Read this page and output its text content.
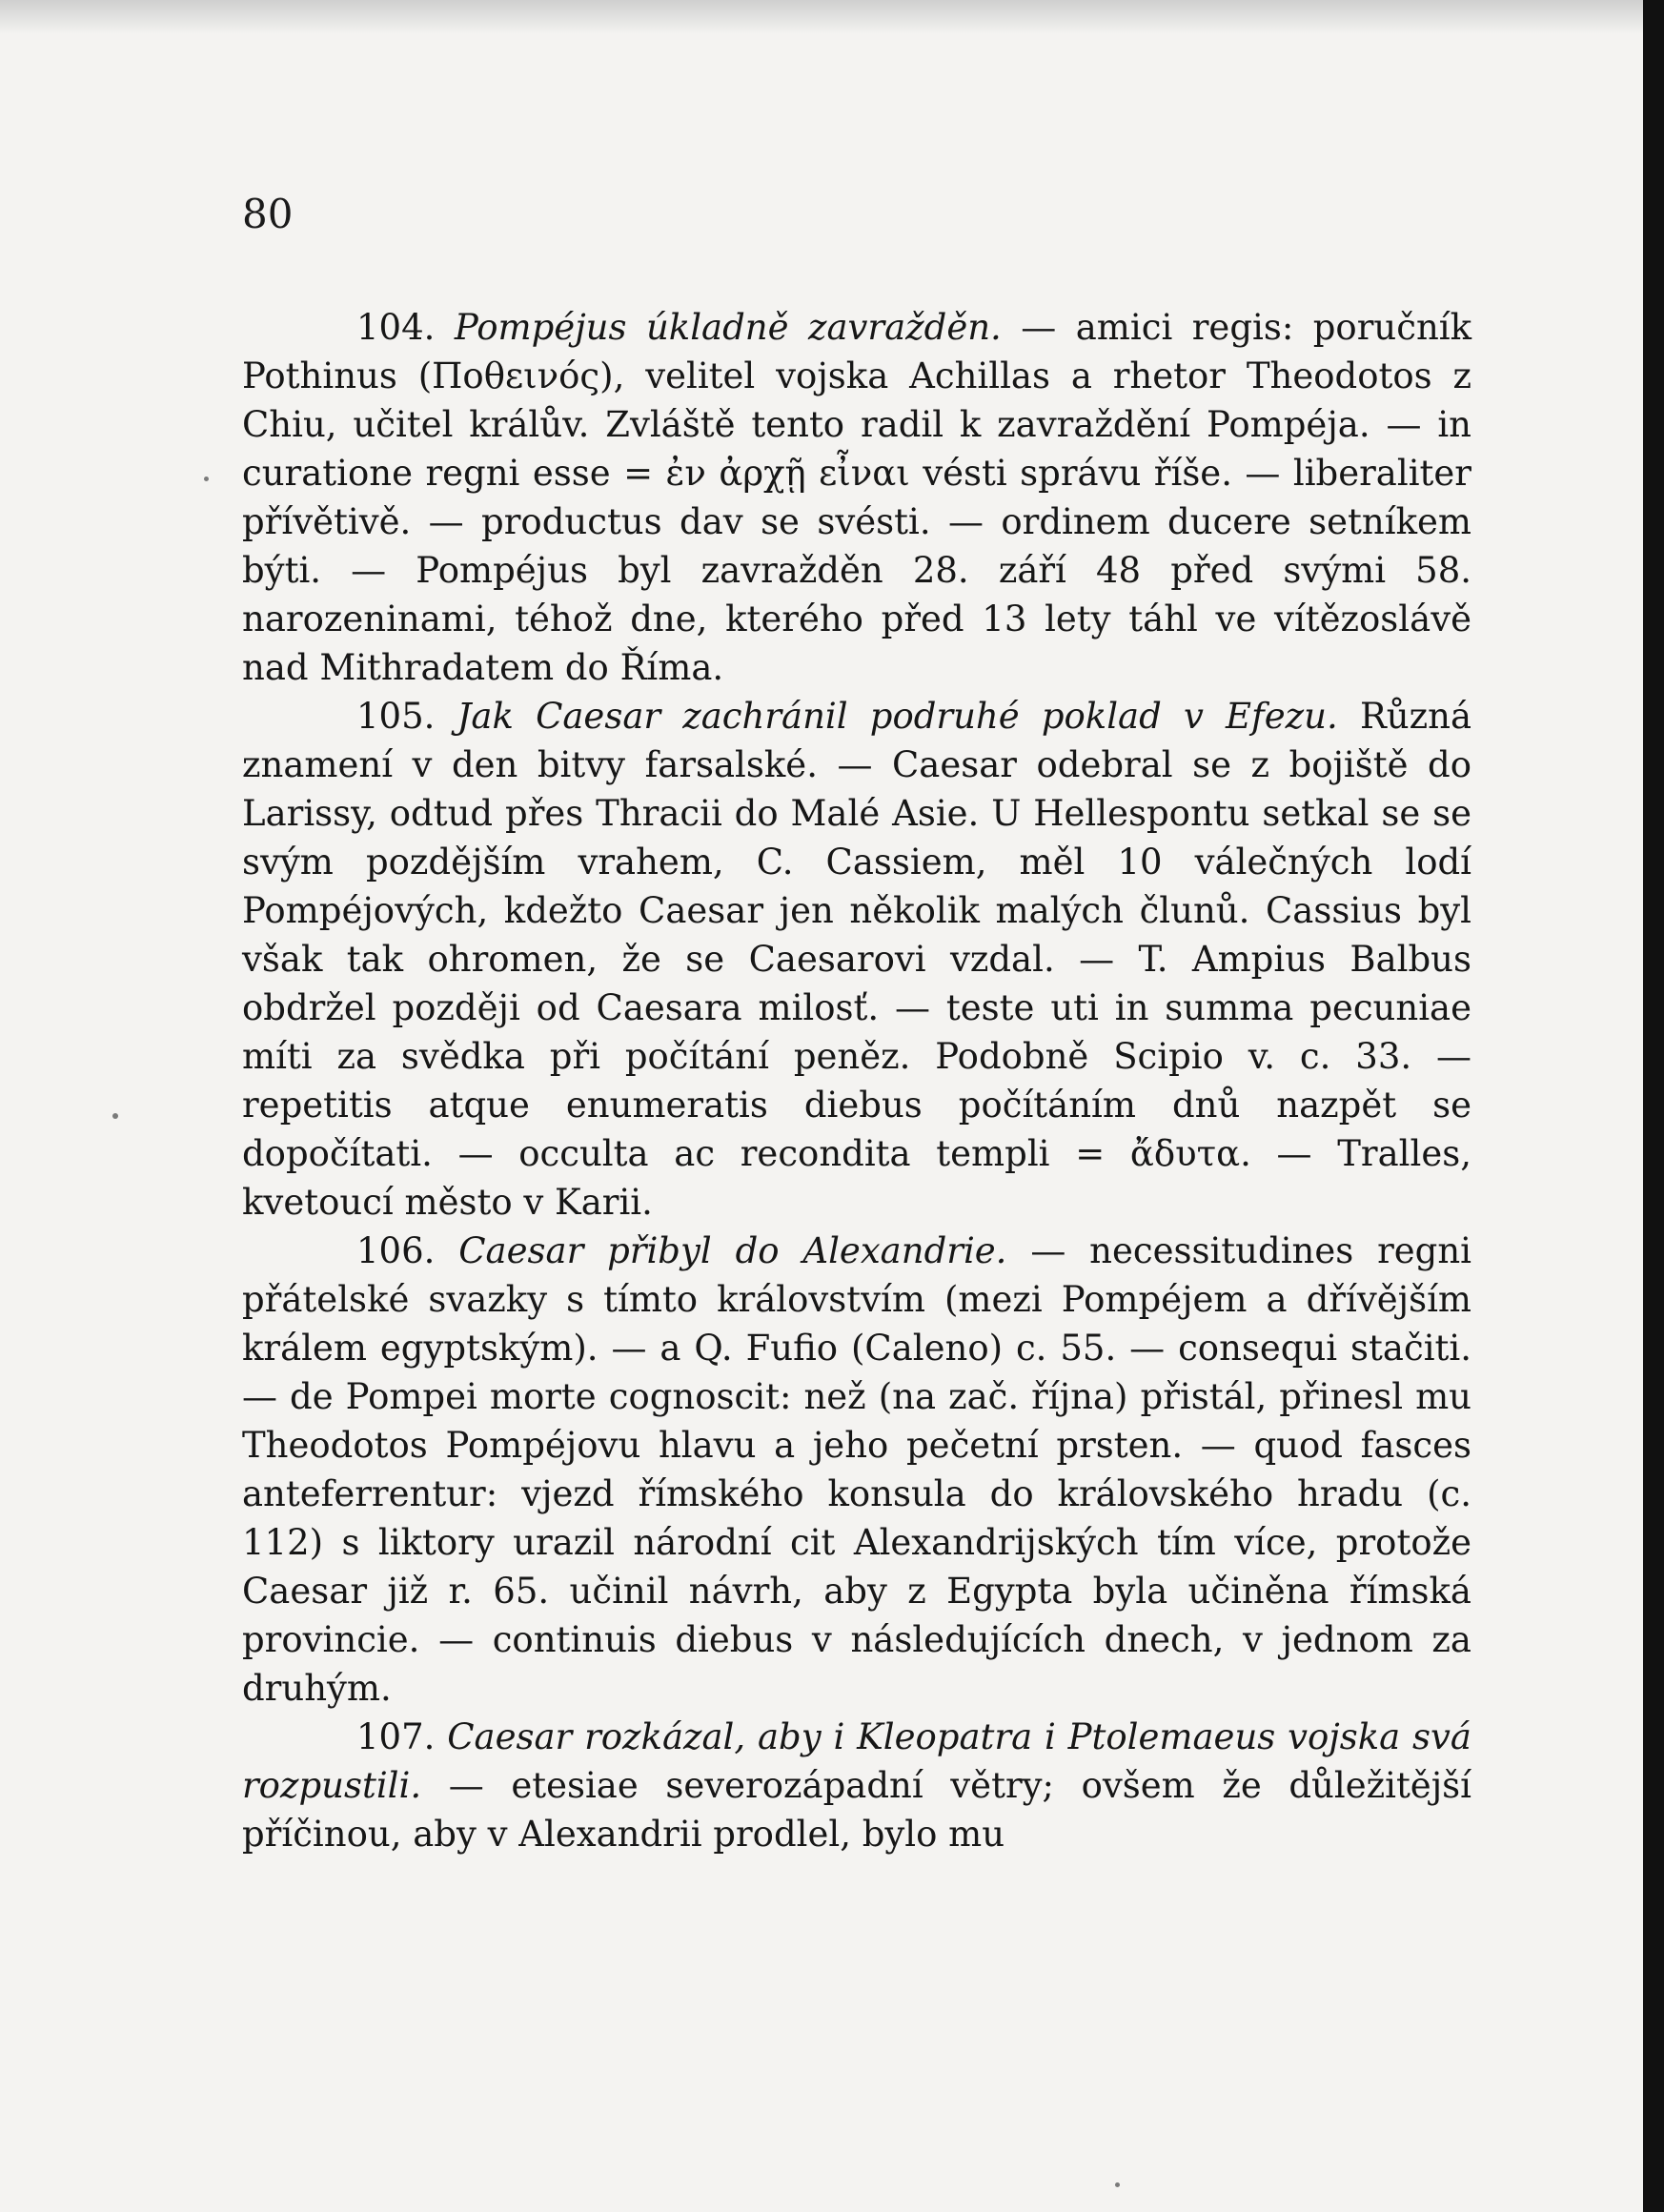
80

104. Pompéjus úkladně zavražděn. — amici regis: poručník Pothinus (Ποθεινός), velitel vojska Achillas a rhetor Theodotos z Chiu, učitel králův. Zvláště tento radil k zavraždění Pompéja. — in curatione regni esse = ἐν ἀρχῇ εἶναι vésti správu říše. — liberaliter přívětivě. — productus dav se svésti. — ordinem ducere setníkem býti. — Pompéjus byl zavražděn 28. září 48 před svými 58. narozeninami, téhož dne, kterého před 13 lety táhl ve vítězoslávě nad Mithradatem do Říma.

105. Jak Caesar zachránil podruhé poklad v Efezu. Různá znamení v den bitvy farsalské. — Caesar odebral se z bojiště do Larissy, odtud přes Thracii do Malé Asie. U Hellespontu setkal se se svým pozdějším vrahem, C. Cassiem, měl 10 válečných lodí Pompéjových, kdežto Caesar jen několik malých člunů. Cassius byl však tak ohromen, že se Caesarovi vzdal. — T. Ampius Balbus obdržel později od Caesara milosť. — teste uti in summa pecuniae míti za svědka při počítání peněz. Podobně Scipio v. c. 33. — repetitis atque enumeratis diebus počítáním dnů nazpět se dopočítati. — occulta ac recondita templi = ἄδυτα. — Tralles, kvetoucí město v Karii.

106. Caesar přibyl do Alexandrie. — necessitudines regni přátelské svazky s tímto královstvím (mezi Pompéjem a dřívějším králem egyptským). — a Q. Fufio (Caleno) c. 55. — consequi stačiti. — de Pompei morte cognoscit: než (na zač. října) přistál, přinesl mu Theodotos Pompéjovu hlavu a jeho pečetní prsten. — quod fasces anteferrentur: vjezd římského konsula do královského hradu (c. 112) s liktory urazil národní cit Alexandrijských tím více, protože Caesar již r. 65. učinil návrh, aby z Egypta byla učiněna římská provincie. — continuis diebus v následujících dnech, v jednom za druhým.

107. Caesar rozkázal, aby i Kleopatra i Ptolemaeus vojska svá rozpustili. — etesiae severozápadní větry; ovšem že důležitější příčinou, aby v Alexandrii prodlel, bylo mu
